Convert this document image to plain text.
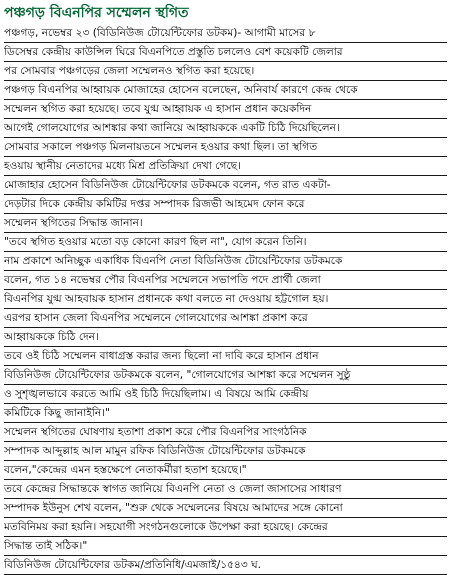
পঞ্চগড় বিএনপির সম্মেলন স্থগিত
পঞ্চগড়, নভেম্বর ২৩ (বিডিনিউজ টোয়েন্টিফোর ডটকম)- আগামী মাসের ৮
ডিসেম্বর কেন্দ্রীয় কাউন্সিল ঘিরে বিএনপিতে প্রস্তুতি চললেও বেশ কয়েকটি জেলার
পর সোমবার পঞ্চগড়ের জেলা সম্মেলনও স্থগিত করা হয়েছে।
পঞ্চগড় বিএনপির আহ্বায়ক মোজাহের হোসেন বলেছেন, অনিবার্য কারণে কেন্দ্র থেকে
সম্মেলন স্থগিত করা হয়েছে। তবে যুগ্ম আহ্বায়ক এ হাসান প্রধান কয়েকদিন
আগেই গোলযোগের আশঙ্কার কথা জানিয়ে আহ্বায়ককে একটি চিঠি দিয়েছিলেন।
সোমবার সকালে পঞ্চগড় মিলনায়তনে সম্মেলন হওয়ার কথা ছিল। তা স্থগিত
হওয়ায় স্থানীয় নেতাদের মধ্যে মিশ্র প্রতিক্রিয়া দেখা গেছে।
মোজাহার হোসেন বিডিনিউজ টোয়েন্টিফোর ডটকমকে বলেন, গত রাত একটা-
দেড়টার দিকে কেন্দ্রীয় কমিটির দপ্তর সম্পাদক রিজভী আহমেদ ফোন করে
সম্মেলন স্থগিতের সিদ্ধান্ত জানান।
"তবে স্থগিত হওয়ার মতো বড় কোনো কারণ ছিল না", যোগ করেন তিনি।
নাম প্রকাশে অনিচ্ছুক একাধিক বিএনপি নেতা বিডিনিউজ টোয়েন্টিফোর ডটকমকে
বলেন, গত ১৪ নভেম্বর পৌর বিএনপির সম্মেলনে সভাপতি পদে প্রার্থী জেলা
বিএনপির যুগ্ম আহবায়ক হাসান প্রধানকে কথা বলতে না দেওয়ায় হট্টগোল হয়।
এরপর হাসান জেলা বিএনপির সম্মেলনে গোলযোগের আশঙ্কা প্রকাশ করে
আহ্বায়ককে চিঠি দেন।
তবে ওই চিঠি সম্মেলন বাধাগ্রস্ত করার জন্য ছিলো না দাবি করে হাসান প্রধান
বিডিনিউজ টোয়েন্টিফোর ডটকমকে বলেন, "গোলযোগের আশঙ্কা করে সম্মেলন সুষ্ঠু
ও সুশৃঙ্খলভাবে করতে আমি ওই চিঠি দিয়েছিলাম। এ বিষয়ে আমি কেন্দ্রীয়
কমিটিকে কিছু জানাইনি।"
সম্মেলন স্থগিতের ঘোষণায় হতাশা প্রকাশ করে পৌর বিএনপির সাংগঠনিক
সম্পাদক আব্দুল্লাহ আল মামুন রফিক বিডিনিউজ টোয়েন্টিফোর ডটকমকে
বলেন,"কেন্দ্রের এমন হস্তক্ষেপে নেতাকর্মীরা হতাশ হয়েছে।"
তবে কেন্দ্রের সিদ্ধান্তকে স্বাগত জানিয়ে বিএনপি নেতা ও জেলা জাসাসের সাধারণ
সম্পাদক ইউনুস শেখ বলেন, "শুরু থেকে সম্মেলনের বিষয়ে আমাদের সঙ্গে কোনো
মতবিনিময় করা হয়নি। সহযোগী সংগঠনগুলোকে উপেক্ষা করা হয়েছে। কেন্দ্রের
সিদ্ধান্ত তাই সঠিক।"
বিডিনিউজ টোয়েন্টিফোর ডটকম/প্রতিনিধি/এমজাই/১৫৪৩ ঘ.
